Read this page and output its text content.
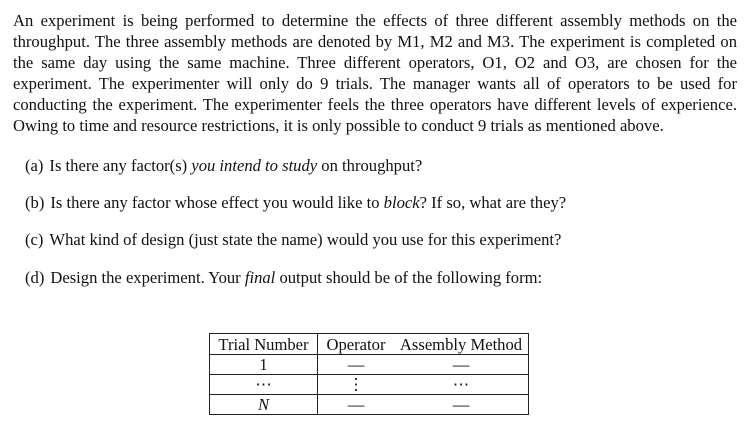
An experiment is being performed to determine the effects of three different assembly methods on the throughput. The three assembly methods are denoted by M1, M2 and M3. The experiment is completed on the same day using the same machine. Three different operators, O1, O2 and O3, are chosen for the experiment. The experimenter will only do 9 trials. The manager wants all of operators to be used for conducting the experiment. The experimenter feels the three operators have different levels of experience. Owing to time and resource restrictions, it is only possible to conduct 9 trials as mentioned above.

(a) Is there any factor(s) you intend to study on throughput?
(b) Is there any factor whose effect you would like to block? If so, what are they?
(c) What kind of design (just state the name) would you use for this experiment?
(d) Design the experiment. Your final output should be of the following form:
Trial Number	Operator	Assembly Method
1	—	—
⋯	⋮	⋯
N	—	—
